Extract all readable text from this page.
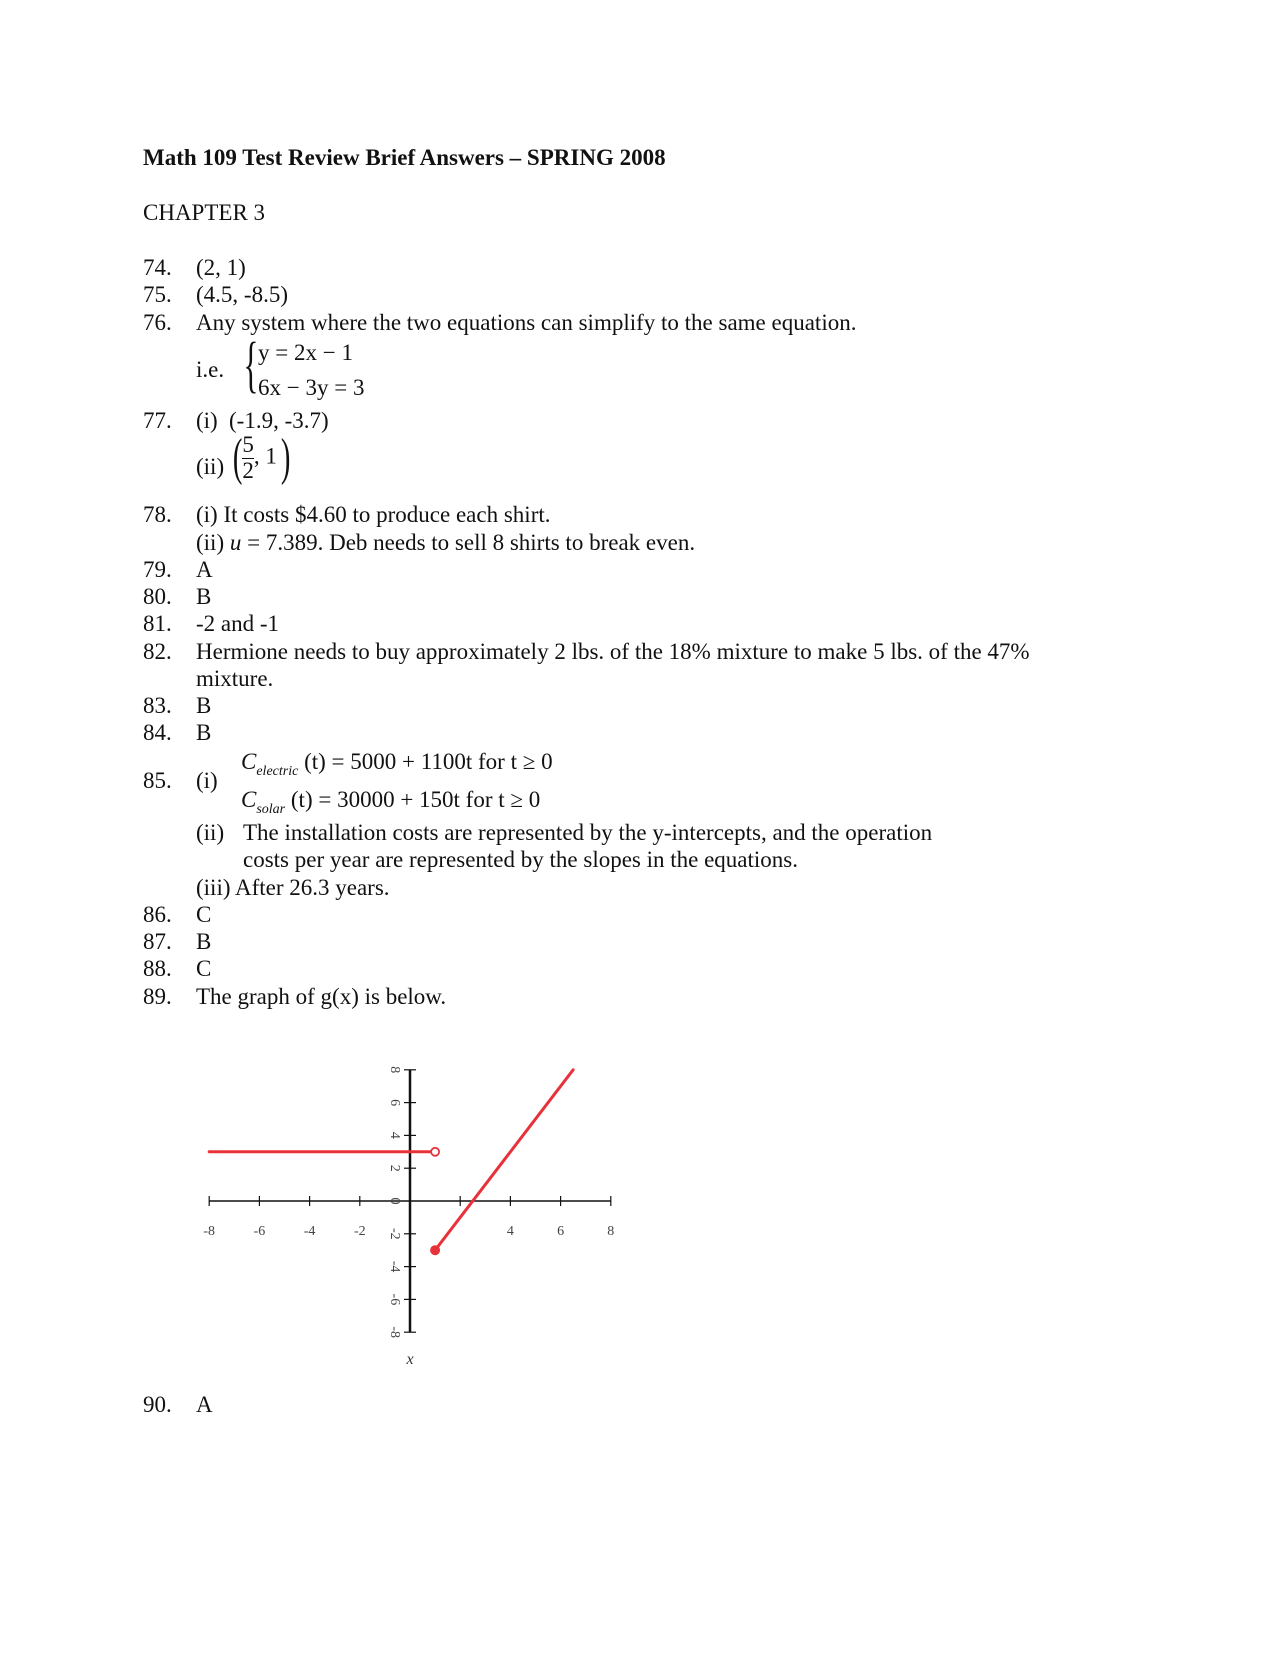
Math 109 Test Review Brief Answers – SPRING 2008
CHAPTER 3
74.	(2, 1)
75.	(4.5, -8.5)
76.	Any system where the two equations can simplify to the same equation.
i.e. { y = 2x − 1
6x − 3y = 3
77.	(i) (-1.9, -3.7)
(ii) ( $\frac{5}{2}$ , 1)
78.	(i) It costs $4.60 to produce each shirt.
(ii) u = 7.389. Deb needs to sell 8 shirts to break even.
79.	A
80.	B
81.	-2 and -1
82.	Hermione needs to buy approximately 2 lbs. of the 18% mixture to make 5 lbs. of the 47%
mixture.
83.	B
84.	B
85.	(i)
$C_{electric}$ (t) = 5000 + 1100t for t ≥ 0
$C_{solar}$ (t) = 30000 + 150t for t ≥ 0
(ii) The installation costs are represented by the y-intercepts, and the operation
costs per year are represented by the slopes in the equations.
(iii) After 26.3 years.
86.	C
87.	B
88.	C
89.	The graph of g(x) is below.
-8	-6	-4	-2	4	6	8
8
6
4
2
0
-2
-4
-6
-8
x
90.	A
